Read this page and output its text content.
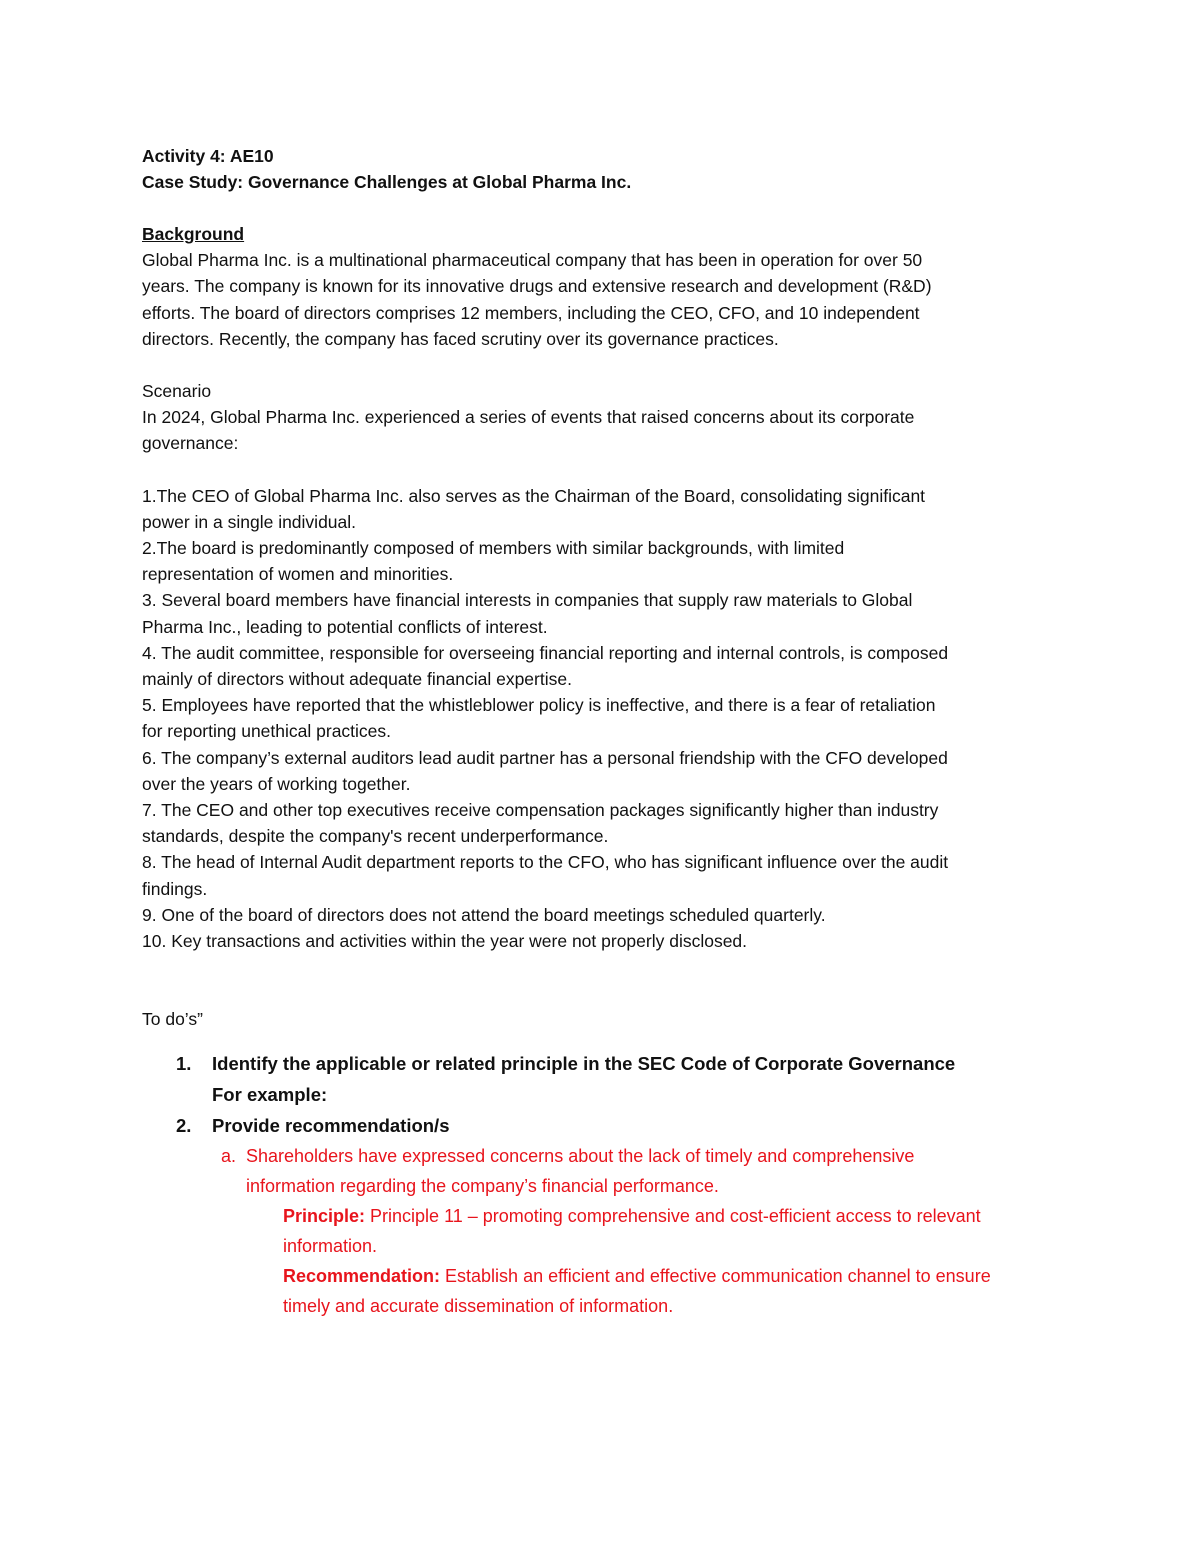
Activity 4: AE10
Case Study: Governance Challenges at Global Pharma Inc.
Background
Global Pharma Inc. is a multinational pharmaceutical company that has been in operation for over 50
years. The company is known for its innovative drugs and extensive research and development (R&D)
efforts. The board of directors comprises 12 members, including the CEO, CFO, and 10 independent
directors. Recently, the company has faced scrutiny over its governance practices.
Scenario
In 2024, Global Pharma Inc. experienced a series of events that raised concerns about its corporate
governance:
1.The CEO of Global Pharma Inc. also serves as the Chairman of the Board, consolidating significant
power in a single individual.
2.The board is predominantly composed of members with similar backgrounds, with limited
representation of women and minorities.
3. Several board members have financial interests in companies that supply raw materials to Global
Pharma Inc., leading to potential conflicts of interest.
4. The audit committee, responsible for overseeing financial reporting and internal controls, is composed
mainly of directors without adequate financial expertise.
5. Employees have reported that the whistleblower policy is ineffective, and there is a fear of retaliation
for reporting unethical practices.
6. The company’s external auditors lead audit partner has a personal friendship with the CFO developed
over the years of working together.
7. The CEO and other top executives receive compensation packages significantly higher than industry
standards, despite the company's recent underperformance.
8. The head of Internal Audit department reports to the CFO, who has significant influence over the audit
findings.
9. One of the board of directors does not attend the board meetings scheduled quarterly.
10. Key transactions and activities within the year were not properly disclosed.
To do’s”
1.	Identify the applicable or related principle in the SEC Code of Corporate Governance
For example:
2.	Provide recommendation/s
a. Shareholders have expressed concerns about the lack of timely and comprehensive
information regarding the company’s financial performance.
Principle: Principle 11 – promoting comprehensive and cost-efficient access to relevant
information.
Recommendation: Establish an efficient and effective communication channel to ensure
timely and accurate dissemination of information.
